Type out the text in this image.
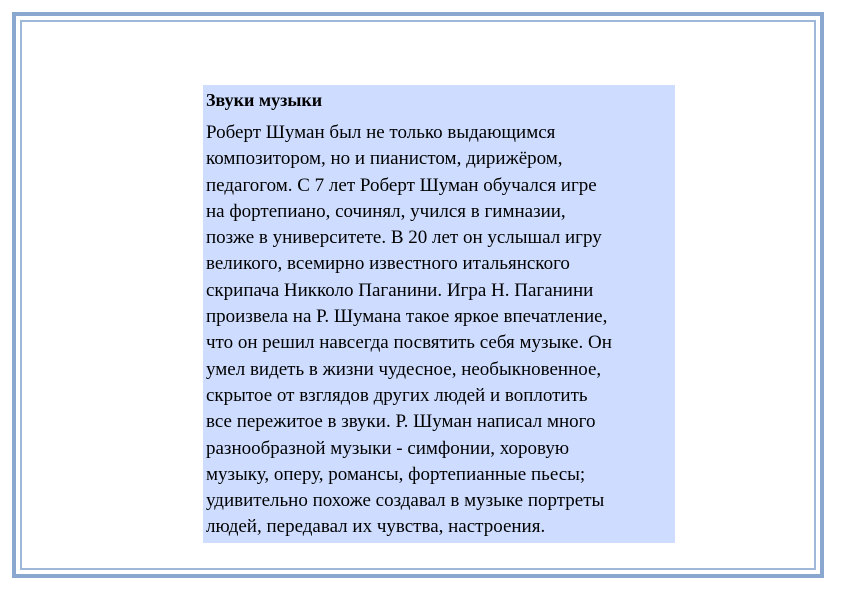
Звуки музыки

Роберт Шуман был не только выдающимся
композитором, но и пианистом, дирижёром,
педагогом. С 7 лет Роберт Шуман обучался игре
на фортепиано, сочинял, учился в гимназии,
позже в университете. В 20 лет он услышал игру
великого, всемирно известного итальянского
скрипача Никколо Паганини. Игра Н. Паганини
произвела на Р. Шумана такое яркое впечатление,
что он решил навсегда посвятить себя музыке. Он
умел видеть в жизни чудесное, необыкновенное,
скрытое от взглядов других людей и воплотить
все пережитое в звуки. Р. Шуман написал много
разнообразной музыки - симфонии, хоровую
музыку, оперу, романсы, фортепианные пьесы;
удивительно похоже создавал в музыке портреты
людей, передавал их чувства, настроения.
